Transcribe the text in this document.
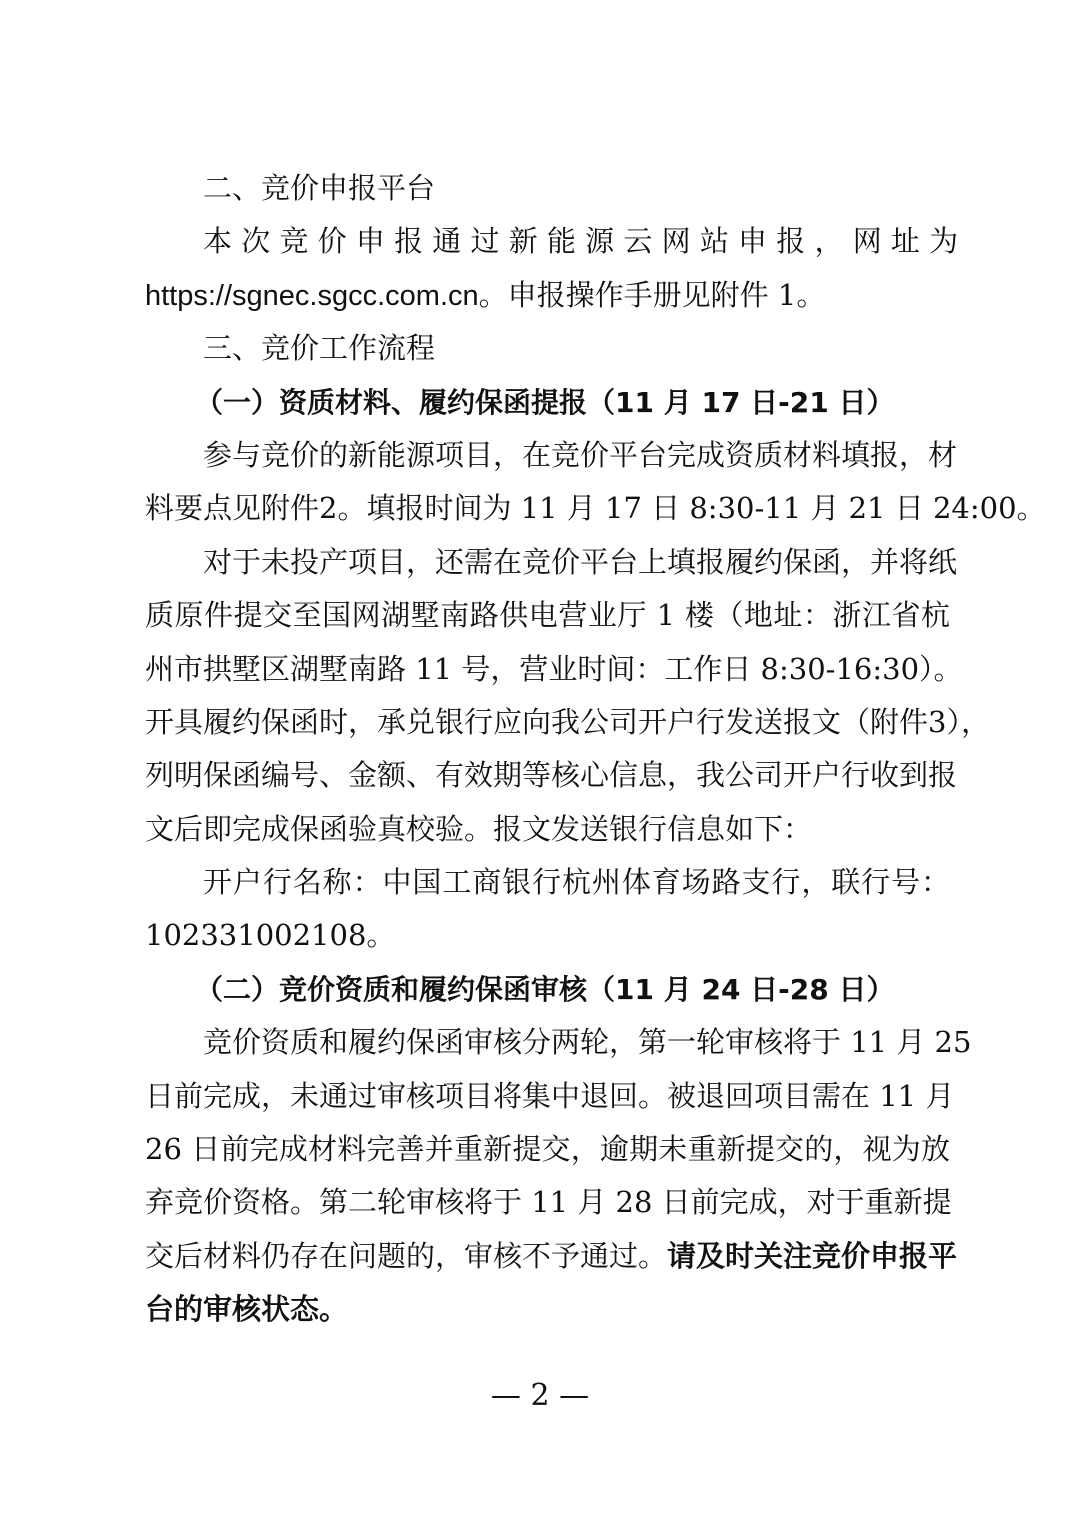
二、竞价申报平台
本 次 竞 价 申 报 通 过 新 能 源 云 网 站 申 报 ， 网 址 为
https://sgnec.sgcc.com.cn。申报操作手册见附件 1。
三、竞价工作流程
（一）资质材料、履约保函提报（11 月 17 日-21 日）
参与竞价的新能源项目，在竞价平台完成资质材料填报，材
料要点见附件2。填报时间为 11 月 17 日 8:30-11 月 21 日 24:00。
对于未投产项目，还需在竞价平台上填报履约保函，并将纸
质原件提交至国网湖墅南路供电营业厅 1 楼（地址：浙江省杭
州市拱墅区湖墅南路 11 号，营业时间：工作日 8:30-16:30）。
开具履约保函时，承兑银行应向我公司开户行发送报文（附件3），
列明保函编号、金额、有效期等核心信息，我公司开户行收到报
文后即完成保函验真校验。报文发送银行信息如下：
开户行名称：中国工商银行杭州体育场路支行，联行号：
102331002108。
（二）竞价资质和履约保函审核（11 月 24 日-28 日）
竞价资质和履约保函审核分两轮，第一轮审核将于 11 月 25
日前完成，未通过审核项目将集中退回。被退回项目需在 11 月
26 日前完成材料完善并重新提交，逾期未重新提交的，视为放
弃竞价资格。第二轮审核将于 11 月 28 日前完成，对于重新提
交后材料仍存在问题的，审核不予通过。请及时关注竞价申报平
台的审核状态。
— 2 —
